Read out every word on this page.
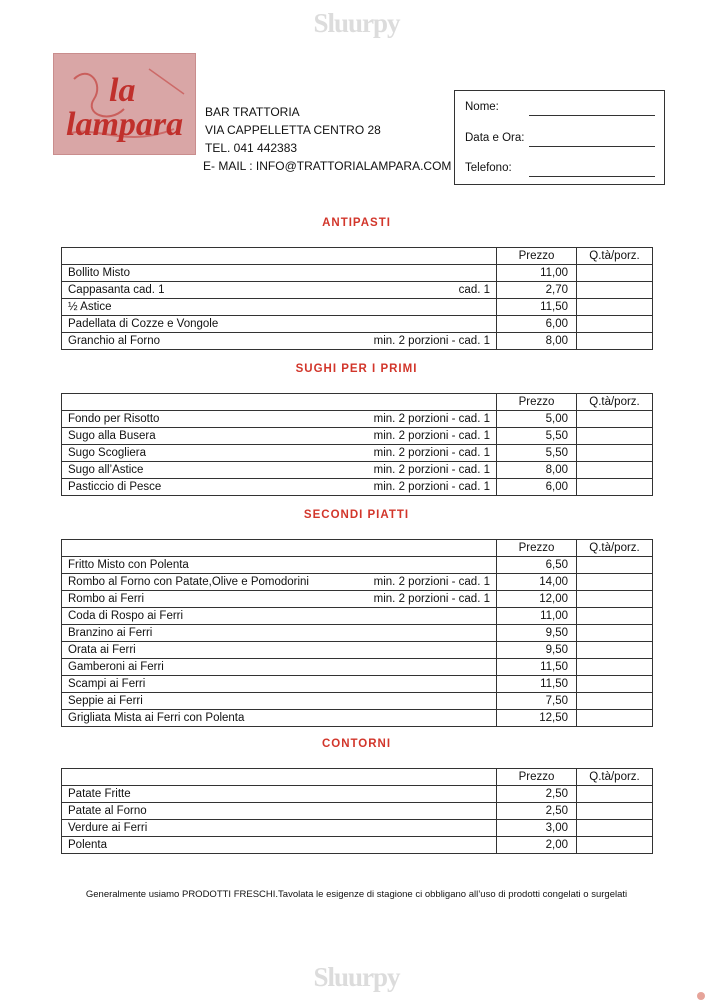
Sluurpy
la
lampara BAR TRATTORIA
VIA CAPPELLETTA CENTRO 28
TEL. 041 442383
E- MAIL : INFO@TRATTORIALAMPARA.COM
Nome:
Data e Ora:
Telefono:
ANTIPASTI
		Prezzo	Q.tà/porz.
Bollito Misto		11,00	
Cappasanta cad. 1	cad. 1	2,70	
½ Astice		11,50	
Padellata di Cozze e Vongole		6,00	
Granchio al Forno	min. 2 porzioni - cad. 1	8,00	
SUGHI PER I PRIMI
		Prezzo	Q.tà/porz.
Fondo per Risotto	min. 2 porzioni - cad. 1	5,00	
Sugo alla Busera	min. 2 porzioni - cad. 1	5,50	
Sugo Scogliera	min. 2 porzioni - cad. 1	5,50	
Sugo all’Astice	min. 2 porzioni - cad. 1	8,00	
Pasticcio di Pesce	min. 2 porzioni - cad. 1	6,00	
SECONDI PIATTI
		Prezzo	Q.tà/porz.
Fritto Misto con Polenta		6,50	
Rombo al Forno con Patate,Olive e Pomodorini	min. 2 porzioni - cad. 1	14,00	
Rombo ai Ferri	min. 2 porzioni - cad. 1	12,00	
Coda di Rospo ai Ferri		11,00	
Branzino ai Ferri		9,50	
Orata ai Ferri		9,50	
Gamberoni ai Ferri		11,50	
Scampi ai Ferri		11,50	
Seppie ai Ferri		7,50	
Grigliata Mista ai Ferri con Polenta		12,50	
CONTORNI
		Prezzo	Q.tà/porz.
Patate Fritte		2,50	
Patate al Forno		2,50	
Verdure ai Ferri		3,00	
Polenta		2,00	
Generalmente usiamo PRODOTTI FRESCHI.Tavolata le esigenze di stagione ci obbligano all’uso di prodotti congelati o surgelati
Sluurpy
